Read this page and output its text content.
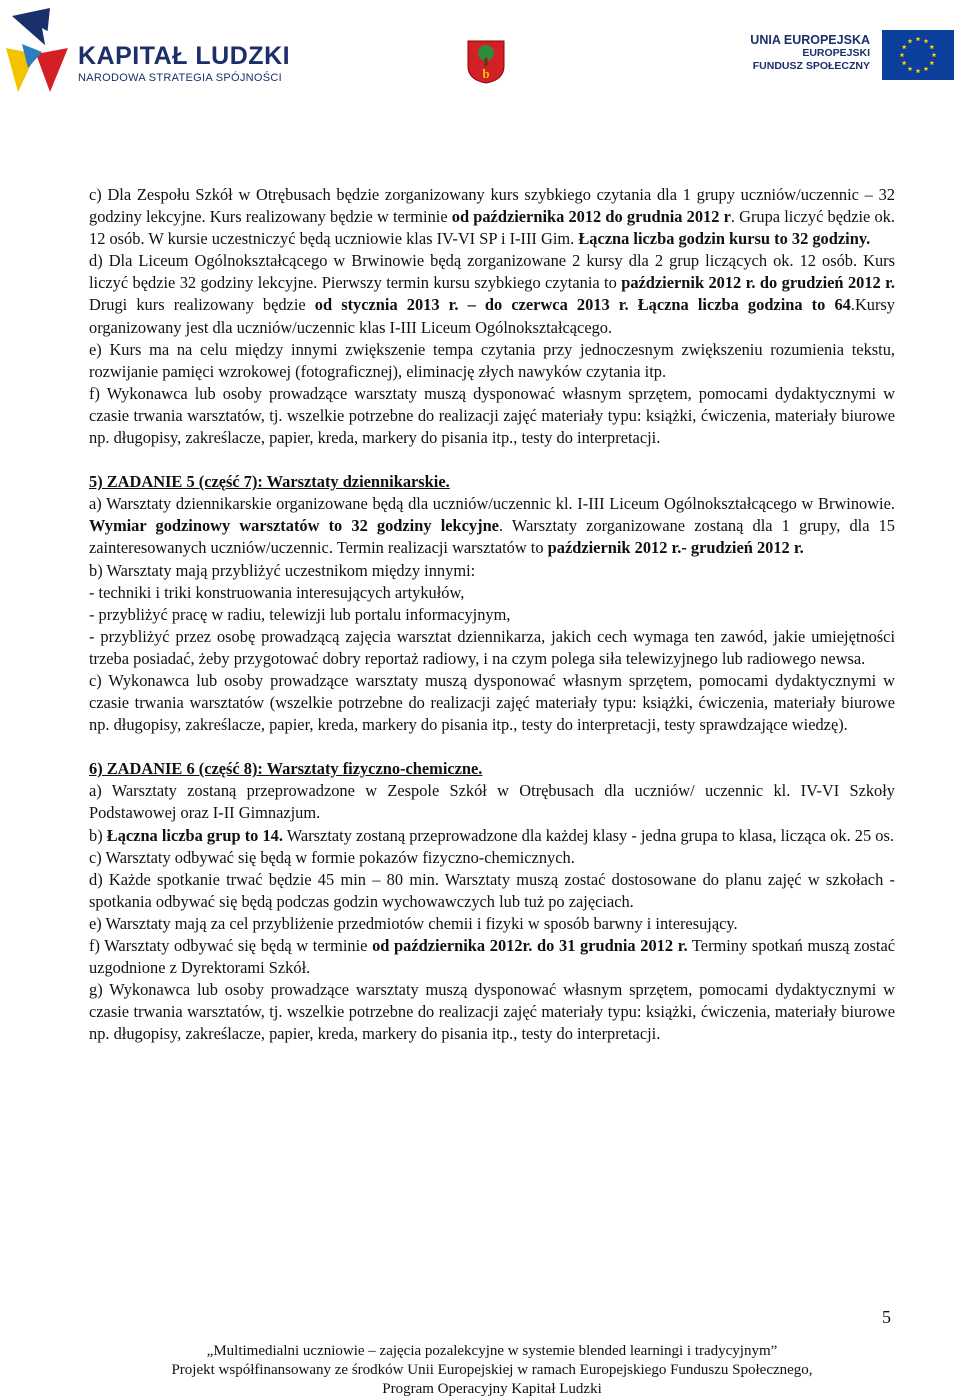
KAPITAŁ LUDZKI
NARODOWA STRATEGIA SPÓJNOŚCI	b
UNIA EUROPEJSKA
EUROPEJSKI
FUNDUSZ SPOŁECZNY

c) Dla Zespołu Szkół w Otrębusach będzie zorganizowany kurs szybkiego czytania dla 1 grupy uczniów/uczennic – 32 godziny lekcyjne. Kurs realizowany będzie w terminie od października 2012 do grudnia 2012 r. Grupa liczyć będzie ok. 12 osób. W kursie uczestniczyć będą uczniowie klas IV-VI SP i I-III Gim. Łączna liczba godzin kursu to 32 godziny.

d) Dla Liceum Ogólnokształcącego w Brwinowie będą zorganizowane 2 kursy dla 2 grup liczących ok. 12 osób. Kurs liczyć będzie 32 godziny lekcyjne. Pierwszy termin kursu szybkiego czytania to październik 2012 r. do grudzień 2012 r. Drugi kurs realizowany będzie od stycznia 2013 r. – do czerwca 2013 r. Łączna liczba godzina to 64.Kursy organizowany jest dla uczniów/uczennic klas I-III Liceum Ogólnokształcącego.

e) Kurs ma na celu między innymi zwiększenie tempa czytania przy jednoczesnym zwiększeniu rozumienia tekstu, rozwijanie pamięci wzrokowej (fotograficznej), eliminację złych nawyków czytania itp.

f) Wykonawca lub osoby prowadzące warsztaty muszą dysponować własnym sprzętem, pomocami dydaktycznymi w czasie trwania warsztatów, tj. wszelkie potrzebne do realizacji zajęć materiały typu: książki, ćwiczenia, materiały biurowe np. długopisy, zakreślacze, papier, kreda, markery do pisania itp., testy do interpretacji.

5) ZADANIE 5 (część 7): Warsztaty dziennikarskie.

a) Warsztaty dziennikarskie organizowane będą dla uczniów/uczennic kl. I-III Liceum Ogólnokształcącego w Brwinowie. Wymiar godzinowy warsztatów to 32 godziny lekcyjne. Warsztaty zorganizowane zostaną dla 1 grupy, dla 15 zainteresowanych uczniów/uczennic. Termin realizacji warsztatów to październik 2012 r.- grudzień 2012 r.

b) Warsztaty mają przybliżyć uczestnikom między innymi:

- techniki i triki konstruowania interesujących artykułów,

- przybliżyć pracę w radiu, telewizji lub portalu informacyjnym,

- przybliżyć przez osobę prowadzącą zajęcia warsztat dziennikarza, jakich cech wymaga ten zawód, jakie umiejętności trzeba posiadać, żeby przygotować dobry reportaż radiowy, i na czym polega siła telewizyjnego lub radiowego newsa.

c) Wykonawca lub osoby prowadzące warsztaty muszą dysponować własnym sprzętem, pomocami dydaktycznymi w czasie trwania warsztatów (wszelkie potrzebne do realizacji zajęć materiały typu: książki, ćwiczenia, materiały biurowe np. długopisy, zakreślacze, papier, kreda, markery do pisania itp., testy do interpretacji, testy sprawdzające wiedzę).

6) ZADANIE 6 (część 8): Warsztaty fizyczno-chemiczne.

a) Warsztaty zostaną przeprowadzone w Zespole Szkół w Otrębusach dla uczniów/ uczennic kl. IV-VI Szkoły Podstawowej oraz I-II Gimnazjum.

b) Łączna liczba grup to 14. Warsztaty zostaną przeprowadzone dla każdej klasy - jedna grupa to klasa, licząca ok. 25 os.

c) Warsztaty odbywać się będą w formie pokazów fizyczno-chemicznych.

d) Każde spotkanie trwać będzie 45 min – 80 min. Warsztaty muszą zostać dostosowane do planu zajęć w szkołach - spotkania odbywać się będą podczas godzin wychowawczych lub tuż po zajęciach.

e) Warsztaty mają za cel przybliżenie przedmiotów chemii i fizyki w sposób barwny i interesujący.

f) Warsztaty odbywać się będą w terminie od października 2012r. do 31 grudnia 2012 r. Terminy spotkań muszą zostać uzgodnione z Dyrektorami Szkół.

g) Wykonawca lub osoby prowadzące warsztaty muszą dysponować własnym sprzętem, pomocami dydaktycznymi w czasie trwania warsztatów, tj. wszelkie potrzebne do realizacji zajęć materiały typu: książki, ćwiczenia, materiały biurowe np. długopisy, zakreślacze, papier, kreda, markery do pisania itp., testy do interpretacji.

5
„Multimedialni uczniowie – zajęcia pozalekcyjne w systemie blended learningi i tradycyjnym”
Projekt współfinansowany ze środków Unii Europejskiej w ramach Europejskiego Funduszu Społecznego,
Program Operacyjny Kapitał Ludzki
